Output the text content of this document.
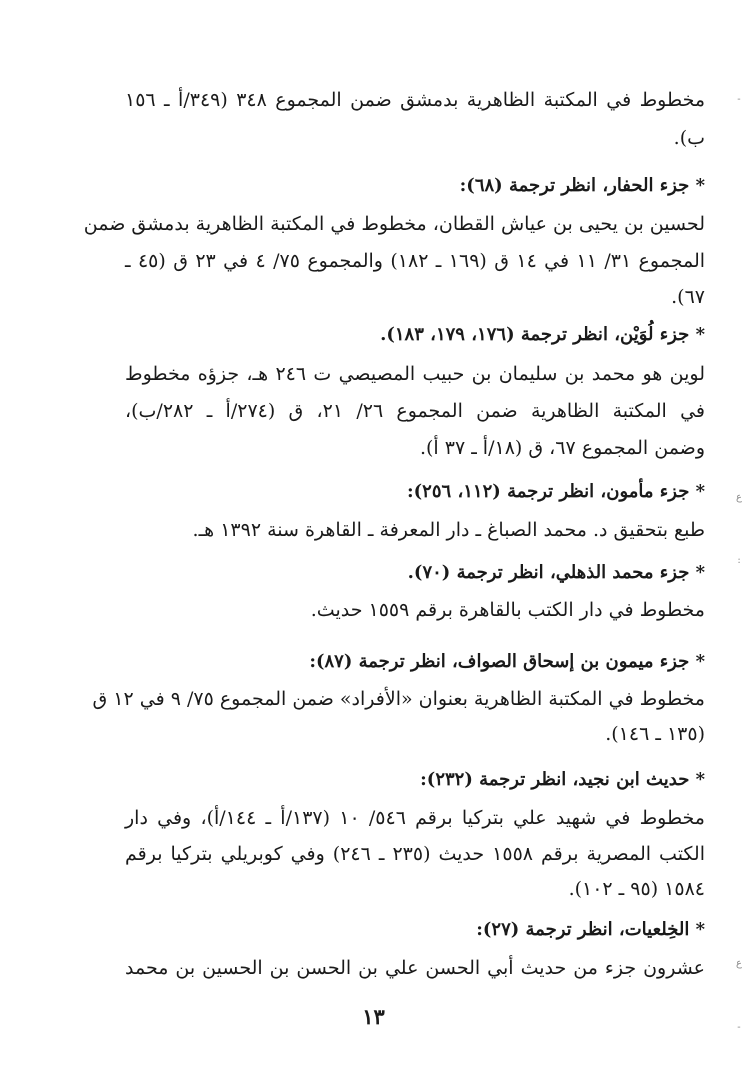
مخطوط في المكتبة الظاهرية بدمشق ضمن المجموع ٣٤٨ (٣٤٩/أ ـ ١٥٦
ب).
* جزء الحفار، انظر ترجمة (٦٨):
لحسين بن يحيى بن عياش القطان، مخطوط في المكتبة الظاهرية بدمشق ضمن
المجموع ٣١/ ١١ في ١٤ ق (١٦٩ ـ ١٨٢) والمجموع ٧٥/ ٤ في ٢٣ ق (٤٥ ـ
٦٧).
* جزء لُوَيْن، انظر ترجمة (١٧٦، ١٧٩، ١٨٣).
لوين هو محمد بن سليمان بن حبيب المصيصي ت ٢٤٦ هـ، جزؤه مخطوط
في المكتبة الظاهرية ضمن المجموع ٢٦/ ٢١، ق (٢٧٤/أ ـ ٢٨٢/ب)،
وضمن المجموع ٦٧، ق (١٨/أ ـ ٣٧ أ).
* جزء مأمون، انظر ترجمة (١١٢، ٢٥٦):
طبع بتحقيق د. محمد الصباغ ـ دار المعرفة ـ القاهرة سنة ١٣٩٢ هـ.
* جزء محمد الذهلي، انظر ترجمة (٧٠).
مخطوط في دار الكتب بالقاهرة برقم ١٥٥٩ حديث.
* جزء ميمون بن إسحاق الصواف، انظر ترجمة (٨٧):
مخطوط في المكتبة الظاهرية بعنوان «الأفراد» ضمن المجموع ٧٥/ ٩ في ١٢ ق
(١٣٥ ـ ١٤٦).
* حديث ابن نجيد، انظر ترجمة (٢٣٢):
مخطوط في شهيد علي بتركيا برقم ٥٤٦/ ١٠ (١٣٧/أ ـ ١٤٤/أ)، وفي دار
الكتب المصرية برقم ١٥٥٨ حديث (٢٣٥ ـ ٢٤٦) وفي كوبريلي بتركيا برقم
١٥٨٤ (٩٥ ـ ١٠٢).
* الخِلعيات، انظر ترجمة (٢٧):
عشرون جزء من حديث أبي الحسن علي بن الحسن بن الحسين بن محمد
١٣
-
ع
:
ع
-
